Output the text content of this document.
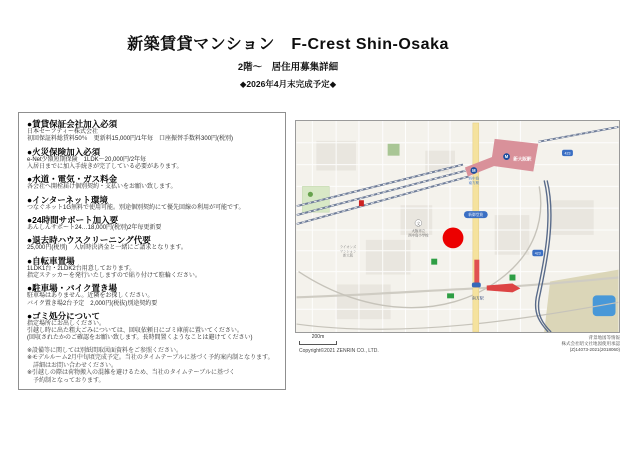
新築賃貸マンション　F-Crest Shin-Osaka
2階～　居住用募集詳細
◆2026年4月末完成予定◆
●賃貸保証会社加入必須
日本セーフティー株式会社
初回保証料総賃料50％　更新料15,000円/1年毎　口座振替手数料300円(税別)
●火災保険加入必須
e-Net少額短期保険　1LDK～20,000円/2年毎
入居日までに加入手続きが完了している必要があります。
●水道・電気・ガス料金
各会社へ開栓届け個別契約・支払いをお願い致します。
●インターネット環境
つなぐネット1G無料で使用可能。別途個別契約にて優先回線の利用が可能です。
●24時間サポート加入要
あんしんサポート24…18,000円(税別)2年毎更新要
●退去時ハウスクリーニング代要
25,000円(税別)　入居時決済金と一緒にご請求となります。
●自転車置場
1LDK1台・2LDK2台用意しております。
指定ステッカーを発行いたしますので貼り付けて駐輪ください。
●駐車場・バイク置き場
駐車場はありません。近隣をお探しください。
バイク置き場2台予定　2,000円(税抜)別途契約要
●ゴミ処分について
指定場所にお出しください。
引越し時に出た粗大ごみについては、回収依頼日にゴミ庫前に置いてください。
(回収されたかのご確認をお願い致します。長時間置くようなことは避けてください)
※設備等に関しては別紙間取図面資料をご参照ください。
※モデルルーム2月中旬頃完成予定。当社のタイムテーブルに基づく予約案内制となります。
　詳細はお問い合わせください。
※引越しの際は荷物搬入の混雑を避けるため、当社のタイムテーブルに基づく
　予約制となっております。
M
M
新大阪駅
西中島
南方駅
南方駅
文
大阪市立
西中島小学校
ライオンズ
マンション
新大阪
新御堂筋
423
423
200m
Copyright©2021 ZENRIN CO., LTD.
背景地図等情報
株式会社昭文社地図使用承認
(Z)14073-2021(2018060)
